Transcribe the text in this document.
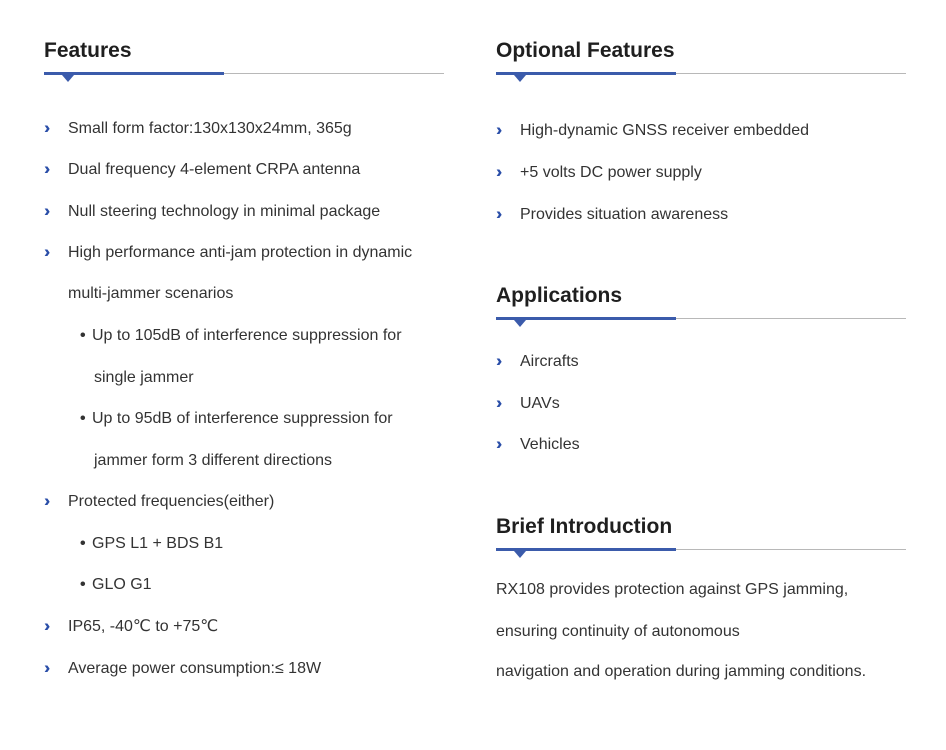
Features
›› Small form factor:130x130x24mm, 365g
›› Dual frequency 4-element CRPA antenna
›› Null steering technology in minimal package
›› High performance anti-jam protection in dynamic
multi-jammer scenarios
• Up to 105dB of interference suppression for
single jammer
• Up to 95dB of interference suppression for
jammer form 3 different directions
›› Protected frequencies(either)
• GPS L1 + BDS B1
• GLO G1
›› IP65, -40℃ to +75℃
›› Average power consumption:≤ 18W
Optional Features
›› High-dynamic GNSS receiver embedded
›› +5 volts DC power supply
›› Provides situation awareness
Applications
›› Aircrafts
›› UAVs
›› Vehicles
Brief Introduction
RX108 provides protection against GPS jamming,
ensuring continuity of autonomous
navigation and operation during jamming conditions.
